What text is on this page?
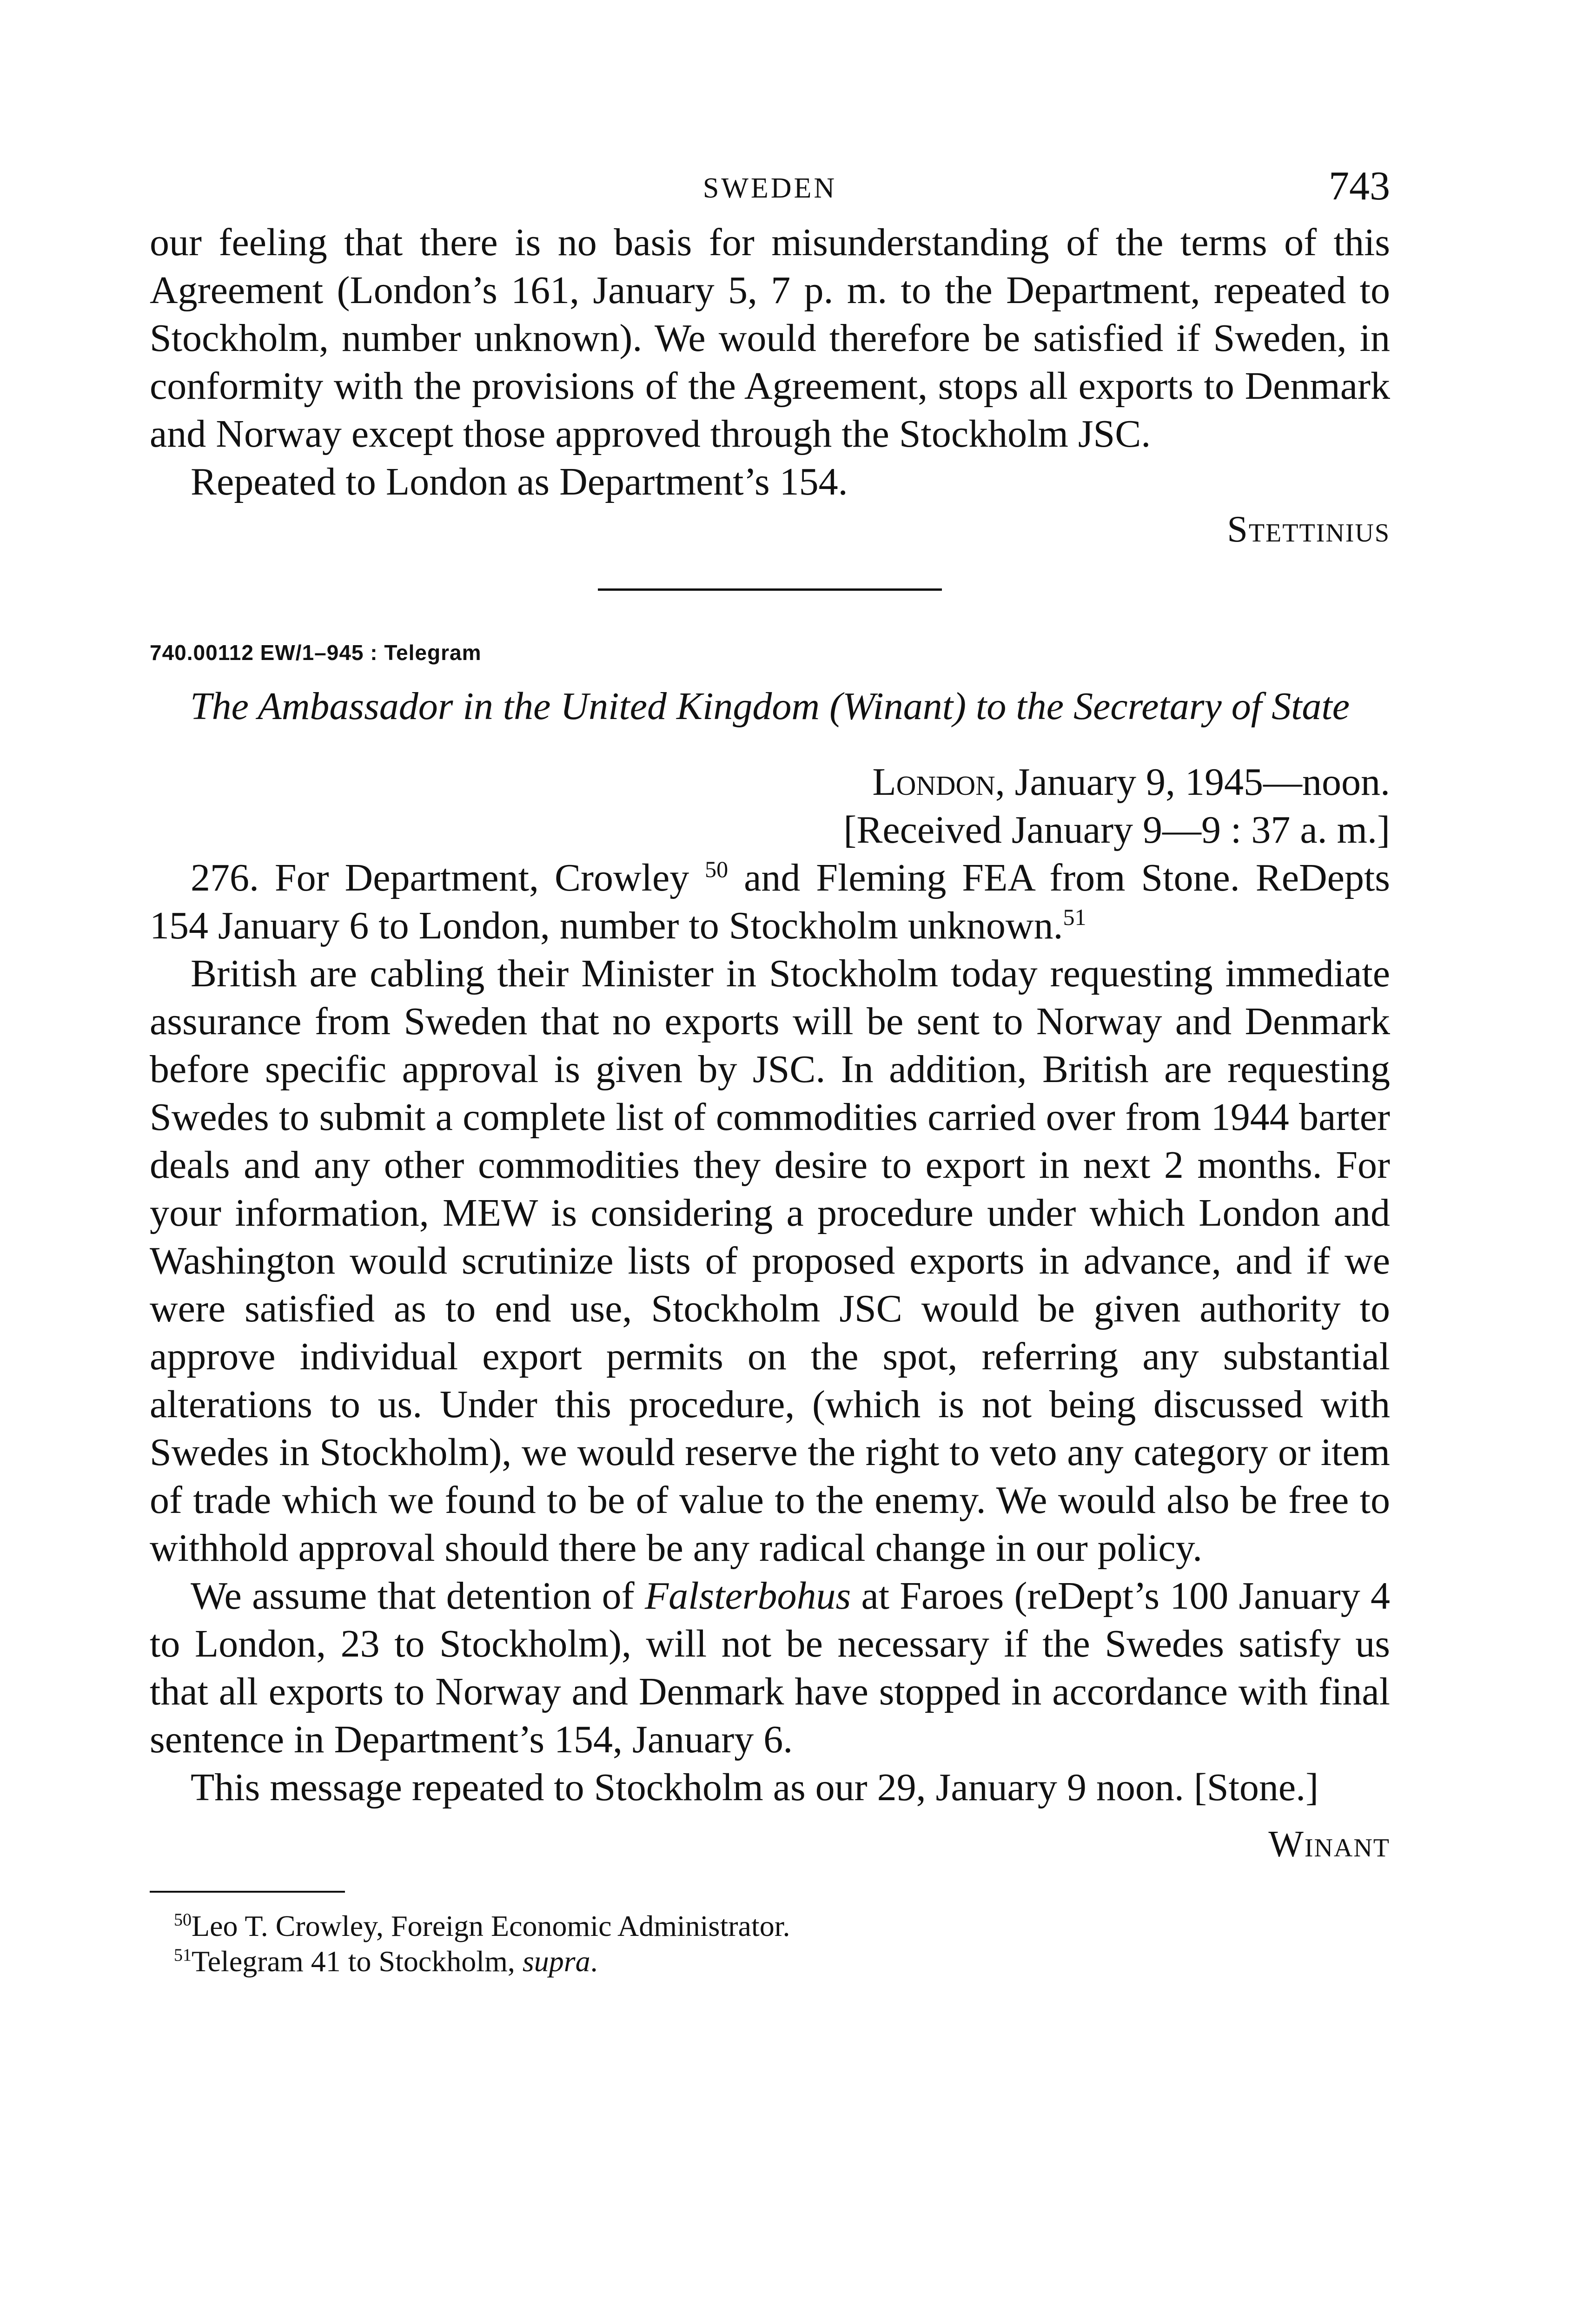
SWEDEN	743

our feeling that there is no basis for misunderstanding of the terms of this Agreement (London’s 161, January 5, 7 p. m. to the Department, repeated to Stockholm, number unknown). We would therefore be satisfied if Sweden, in conformity with the provisions of the Agreement, stops all exports to Denmark and Norway except those approved through the Stockholm JSC.

Repeated to London as Department’s 154.

Stettinius

740.00112 EW/1–945 : Telegram
The Ambassador in the United Kingdom (Winant) to the Secretary of State

London, January 9, 1945—noon.

[Received January 9—9 : 37 a. m.]

276. For Department, Crowley $^{50}$ and Fleming FEA from Stone. ReDepts 154 January 6 to London, number to Stockholm unknown.$^{51}$

British are cabling their Minister in Stockholm today requesting immediate assurance from Sweden that no exports will be sent to Norway and Denmark before specific approval is given by JSC. In addition, British are requesting Swedes to submit a complete list of commodities carried over from 1944 barter deals and any other commodities they desire to export in next 2 months. For your information, MEW is considering a procedure under which London and Washington would scrutinize lists of proposed exports in advance, and if we were satisfied as to end use, Stockholm JSC would be given authority to approve individual export permits on the spot, referring any substantial alterations to us. Under this procedure, (which is not being discussed with Swedes in Stockholm), we would reserve the right to veto any category or item of trade which we found to be of value to the enemy. We would also be free to withhold approval should there be any radical change in our policy.

We assume that detention of Falsterbohus at Faroes (reDept’s 100 January 4 to London, 23 to Stockholm), will not be necessary if the Swedes satisfy us that all exports to Norway and Denmark have stopped in accordance with final sentence in Department’s 154, January 6.

This message repeated to Stockholm as our 29, January 9 noon. [Stone.]

Winant

$^{50}$Leo T. Crowley, Foreign Economic Administrator.
$^{51}$Telegram 41 to Stockholm, supra.
